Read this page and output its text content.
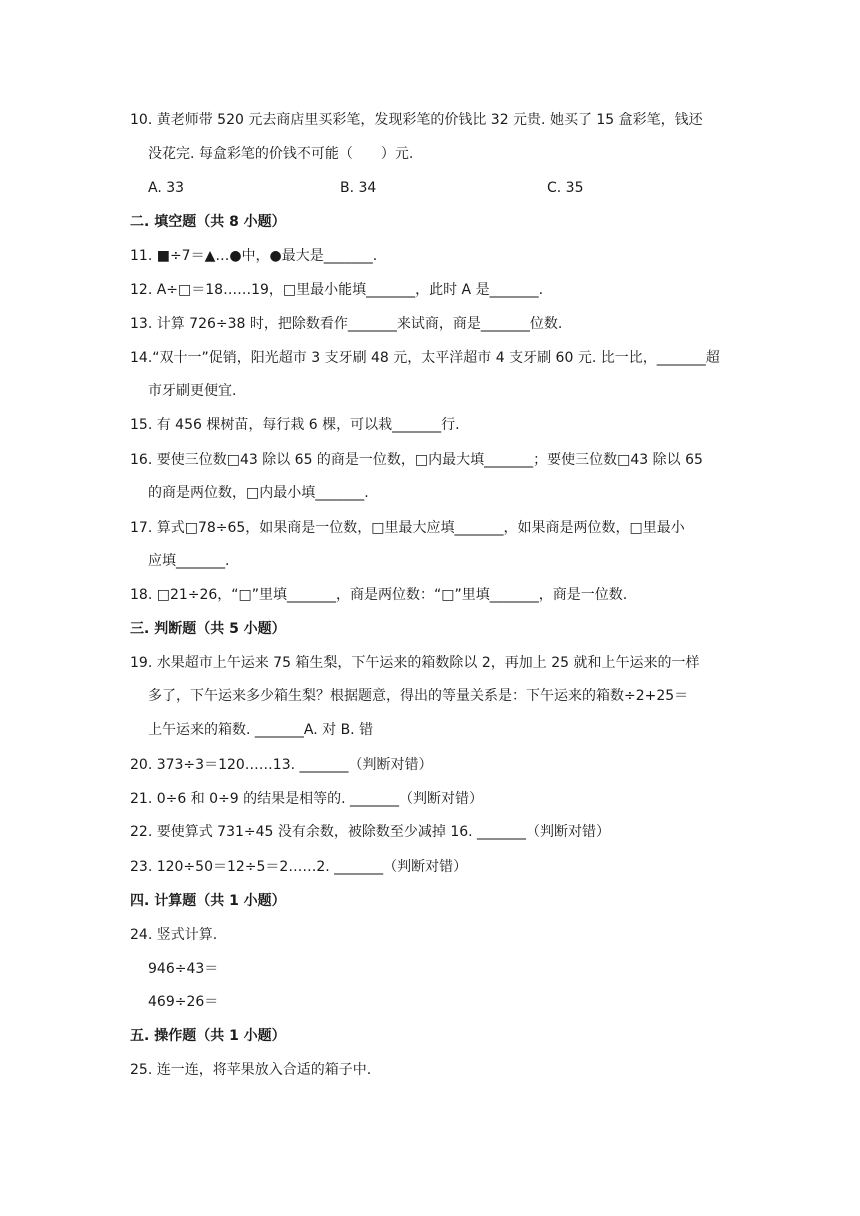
10. 黄老师带 520 元去商店里买彩笔，发现彩笔的价钱比 32 元贵. 她买了 15 盒彩笔，钱还
没花完. 每盒彩笔的价钱不可能（　　）元.
A. 33	B. 34	C. 35
二. 填空题（共 8 小题）
11. ■÷7＝▲…●中，●最大是_______.
12. A÷□＝18……19，□里最小能填_______，此时 A 是_______.
13. 计算 726÷38 时，把除数看作_______来试商，商是_______位数.
14.“双十一”促销，阳光超市 3 支牙刷 48 元，太平洋超市 4 支牙刷 60 元. 比一比，_______超
市牙刷更便宜.
15. 有 456 棵树苗，每行栽 6 棵，可以栽_______行.
16. 要使三位数□43 除以 65 的商是一位数，□内最大填_______；要使三位数□43 除以 65
的商是两位数，□内最小填_______.
17. 算式□78÷65，如果商是一位数，□里最大应填_______，如果商是两位数，□里最小
应填_______.
18. □21÷26，“□”里填_______，商是两位数：“□”里填_______，商是一位数.
三. 判断题（共 5 小题）
19. 水果超市上午运来 75 箱生梨，下午运来的箱数除以 2，再加上 25 就和上午运来的一样
多了，下午运来多少箱生梨？根据题意，得出的等量关系是：下午运来的箱数÷2+25＝
上午运来的箱数. _______A. 对 B. 错
20. 373÷3＝120……13. _______（判断对错）
21. 0÷6 和 0÷9 的结果是相等的. _______（判断对错）
22. 要使算式 731÷45 没有余数，被除数至少减掉 16. _______（判断对错）
23. 120÷50＝12÷5＝2……2. _______（判断对错）
四. 计算题（共 1 小题）
24. 竖式计算.
946÷43＝
469÷26＝
五. 操作题（共 1 小题）
25. 连一连，将苹果放入合适的箱子中.
